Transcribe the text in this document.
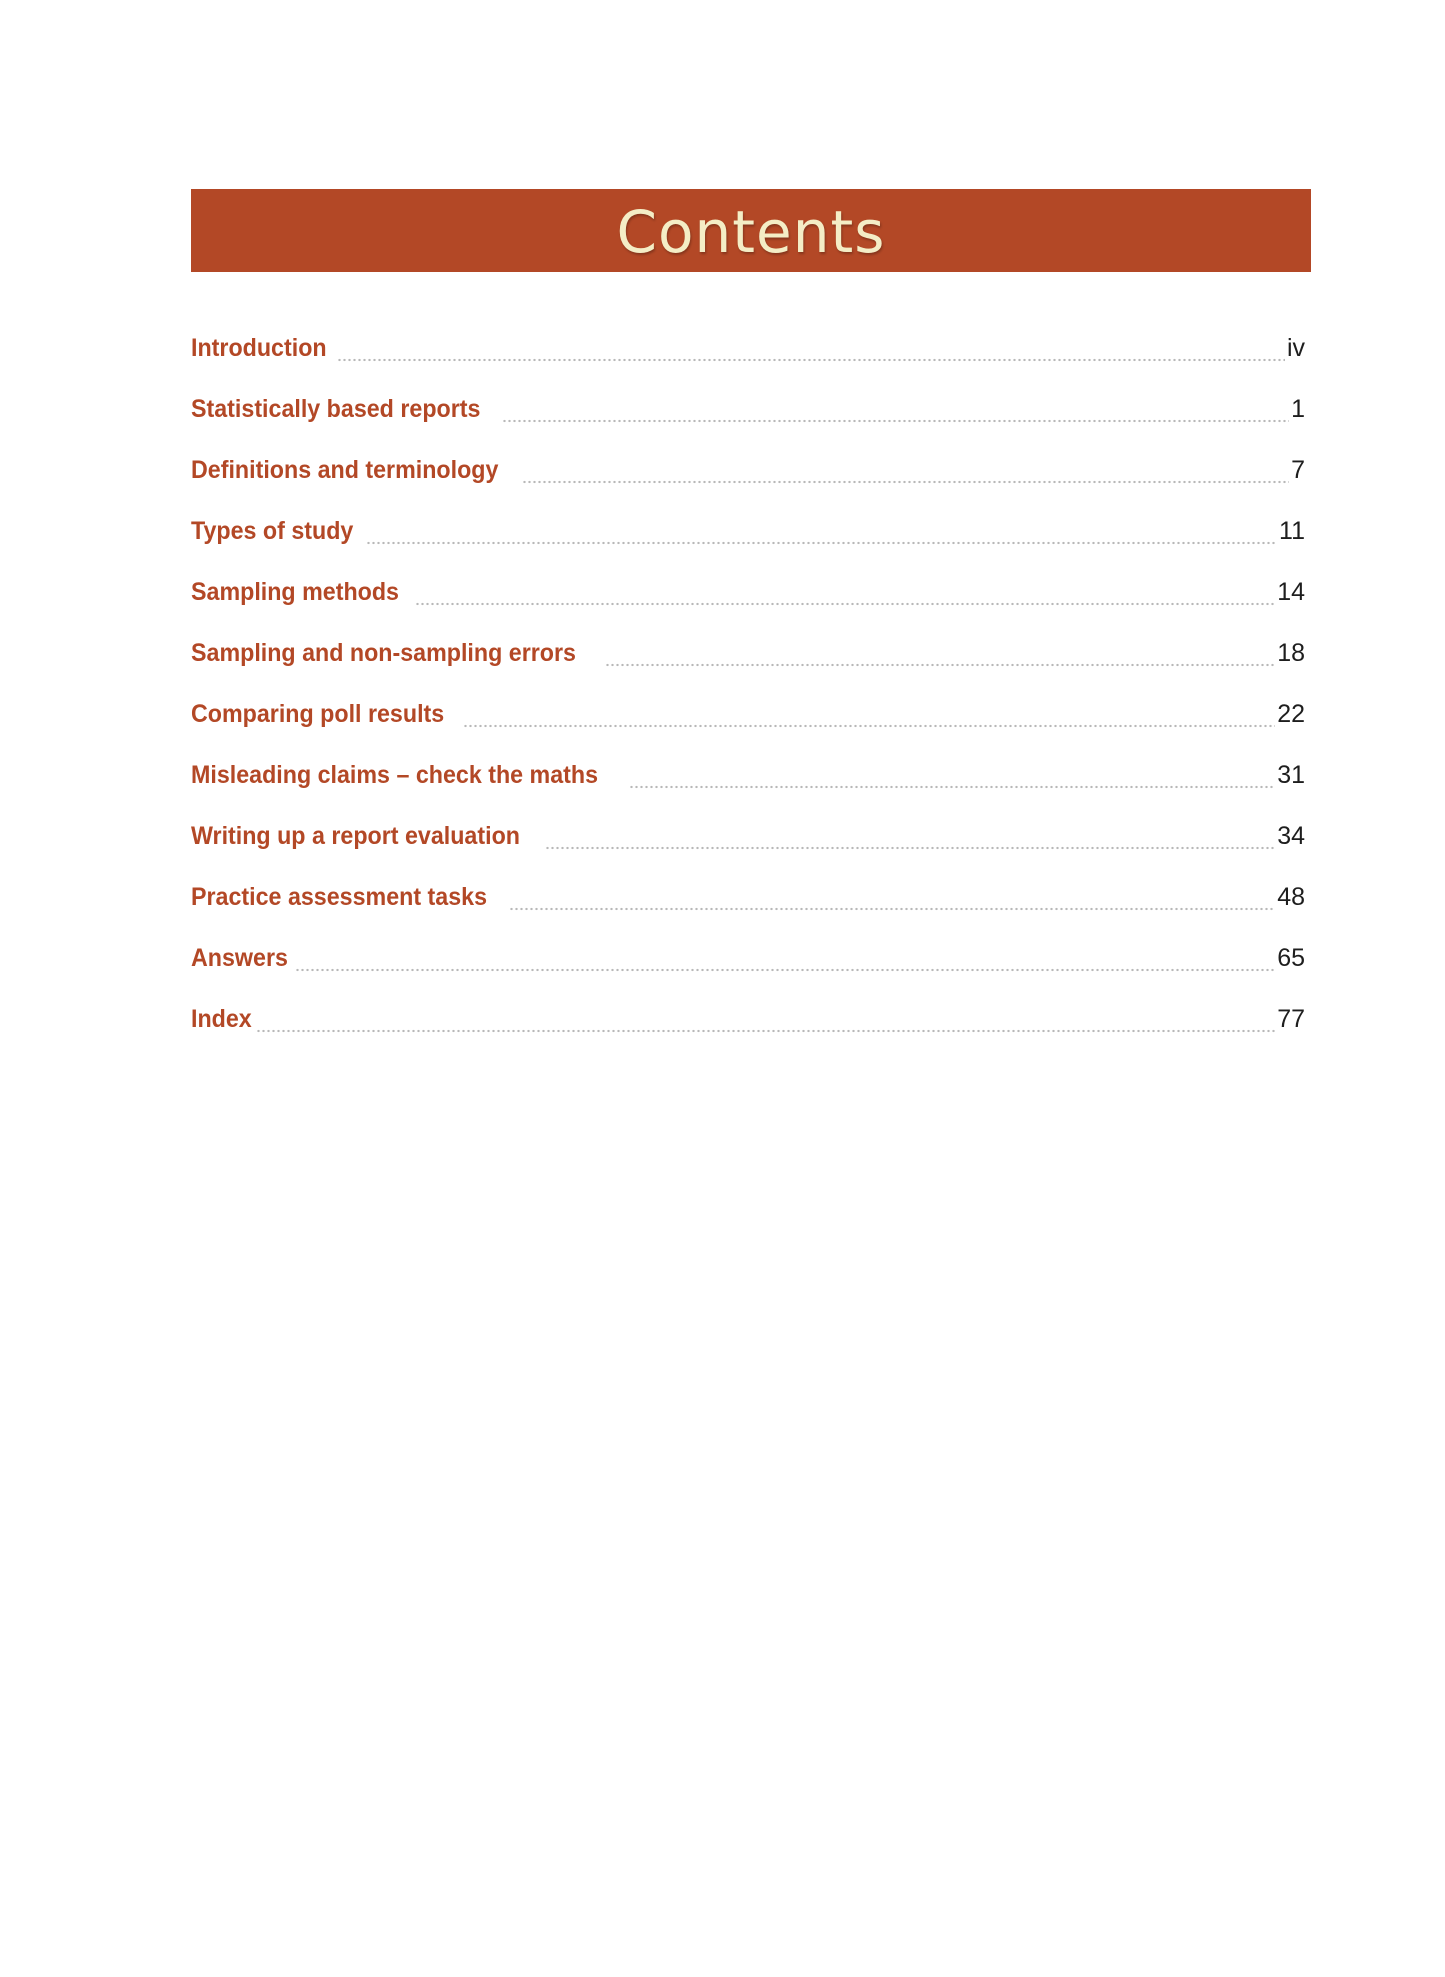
Contents
Introduction	iv
Statistically based reports	1
Definitions and terminology	7
Types of study	11
Sampling methods	14
Sampling and non-sampling errors	18
Comparing poll results	22
Misleading claims – check the maths	31
Writing up a report evaluation	34
Practice assessment tasks	48
Answers	65
Index	77
